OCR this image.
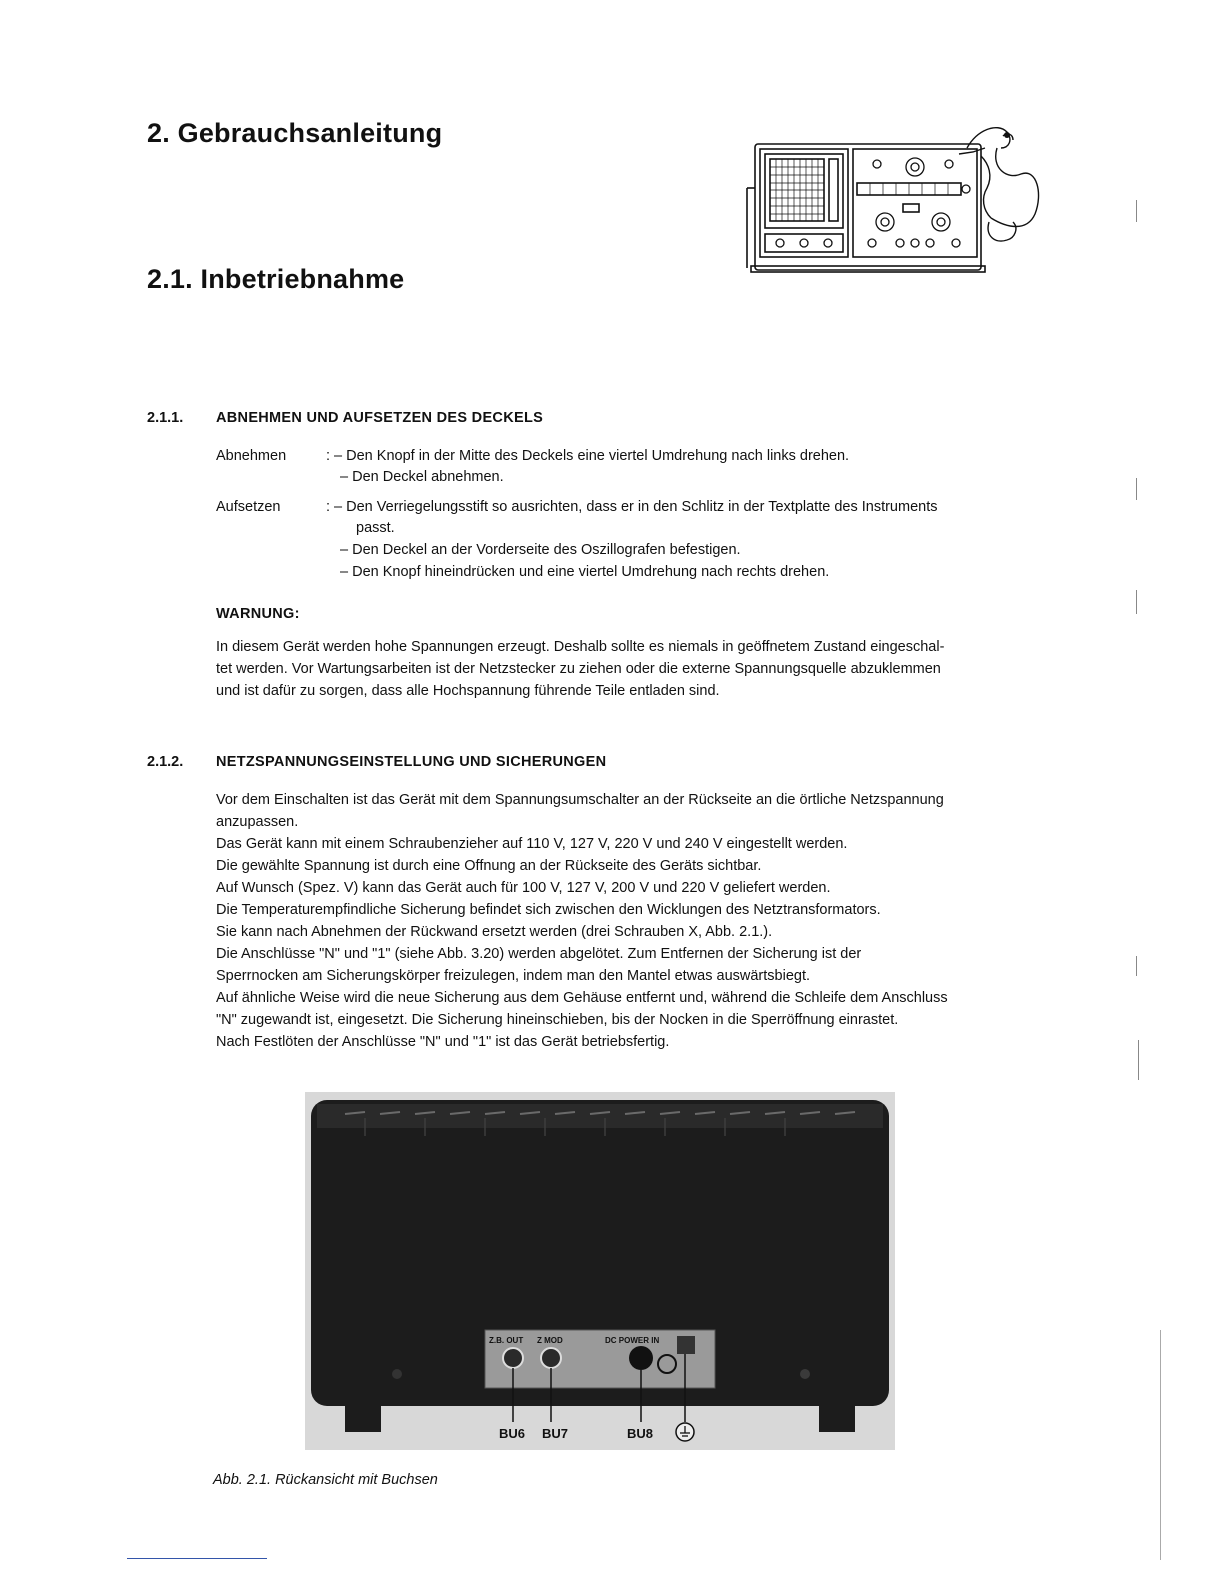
2. Gebrauchsanleitung
2.1. Inbetriebnahme
2.1.1. ABNEHMEN UND AUFSETZEN DES DECKELS
Abnehmen	: – Den Knopf in der Mitte des Deckels eine viertel Umdrehung nach links drehen.
– Den Deckel abnehmen.
Aufsetzen	: – Den Verriegelungsstift so ausrichten, dass er in den Schlitz in der Textplatte des Instruments
passt.
– Den Deckel an der Vorderseite des Oszillografen befestigen.
– Den Knopf hineindrücken und eine viertel Umdrehung nach rechts drehen.
WARNUNG:
In diesem Gerät werden hohe Spannungen erzeugt. Deshalb sollte es niemals in geöffnetem Zustand eingeschal-
tet werden. Vor Wartungsarbeiten ist der Netzstecker zu ziehen oder die externe Spannungsquelle abzuklemmen
und ist dafür zu sorgen, dass alle Hochspannung führende Teile entladen sind.
2.1.2. NETZSPANNUNGSEINSTELLUNG UND SICHERUNGEN
Vor dem Einschalten ist das Gerät mit dem Spannungsumschalter an der Rückseite an die örtliche Netzspannung
anzupassen.
Das Gerät kann mit einem Schraubenzieher auf 110 V, 127 V, 220 V und 240 V eingestellt werden.
Die gewählte Spannung ist durch eine Offnung an der Rückseite des Geräts sichtbar.
Auf Wunsch (Spez. V) kann das Gerät auch für 100 V, 127 V, 200 V und 220 V geliefert werden.
Die Temperaturempfindliche Sicherung befindet sich zwischen den Wicklungen des Netztransformators.
Sie kann nach Abnehmen der Rückwand ersetzt werden (drei Schrauben X, Abb. 2.1.).
Die Anschlüsse "N" und "1" (siehe Abb. 3.20) werden abgelötet. Zum Entfernen der Sicherung ist der
Sperrnocken am Sicherungskörper freizulegen, indem man den Mantel etwas auswärtsbiegt.
Auf ähnliche Weise wird die neue Sicherung aus dem Gehäuse entfernt und, während die Schleife dem Anschluss
"N" zugewandt ist, eingesetzt. Die Sicherung hineinschieben, bis der Nocken in die Sperröffnung einrastet.
Nach Festlöten der Anschlüsse "N" und "1" ist das Gerät betriebsfertig.
Z.B. OUT Z MOD	DC POWER IN
BU6 BU7	BU8
Abb. 2.1. Rückansicht mit Buchsen
